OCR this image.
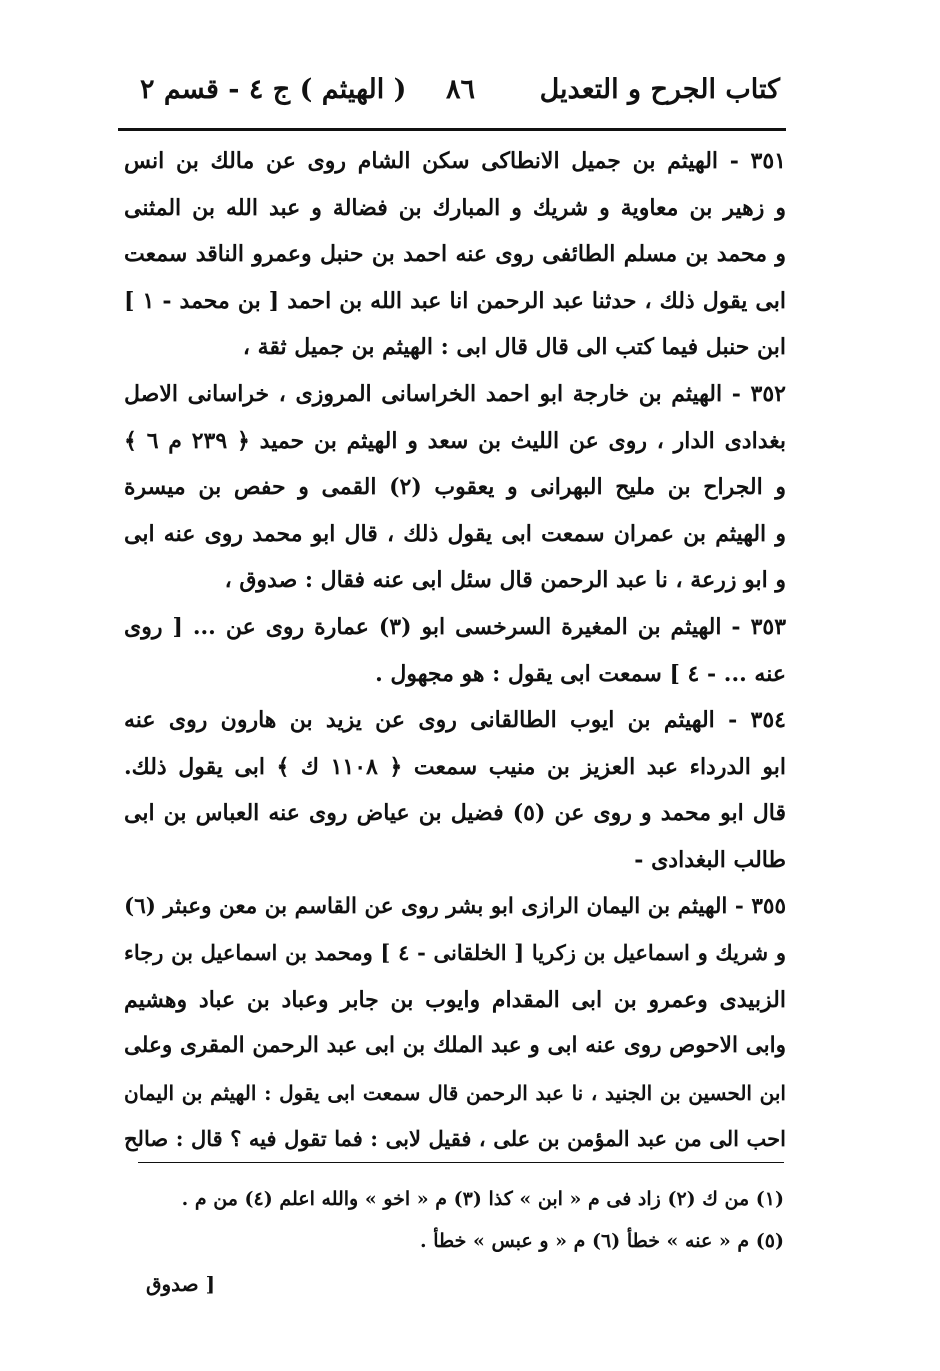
كتاب الجرح و التعديل
٨٦
( الهيثم ) ج ٤ - قسم ٢
٣٥١ - الهيثم بن جميل الانطاكى سكن الشام روى عن مالك بن انس
و زهير بن معاوية و شريك و المبارك بن فضالة و عبد الله بن المثنى
و محمد بن مسلم الطائفى روى عنه احمد بن حنبل وعمرو الناقد سمعت
ابى يقول ذلك ، حدثنا عبد الرحمن انا عبد الله بن احمد [ بن محمد - ١ ]
ابن حنبل فيما كتب الى قال قال ابى : الهيثم بن جميل ثقة ،
٣٥٢ - الهيثم بن خارجة ابو احمد الخراسانى المروزى ، خراسانى الاصل
بغدادى الدار ، روى عن الليث بن سعد و الهيثم بن حميد ﴿ ٢٣٩ م ٦ ﴾
و الجراح بن مليح البهرانى و يعقوب (٢) القمى و حفص بن ميسرة
و الهيثم بن عمران سمعت ابى يقول ذلك ، قال ابو محمد روى عنه ابى
و ابو زرعة ، نا عبد الرحمن قال سئل ابى عنه فقال : صدوق ،
٣٥٣ - الهيثم بن المغيرة السرخسى ابو (٣) عمارة روى عن ... [ روى
عنه ... - ٤ ] سمعت ابى يقول : هو مجهول .
٣٥٤ - الهيثم بن ايوب الطالقانى روى عن يزيد بن هارون روى عنه
ابو الدرداء عبد العزيز بن منيب سمعت ﴿ ١١٠٨ ك ﴾ ابى يقول ذلك.
قال ابو محمد و روى عن (٥) فضيل بن عياض روى عنه العباس بن ابى
طالب البغدادى -
٣٥٥ - الهيثم بن اليمان الرازى ابو بشر روى عن القاسم بن معن وعبثر (٦)
و شريك و اسماعيل بن زكريا [ الخلقانى - ٤ ] ومحمد بن اسماعيل بن رجاء
الزبيدى وعمرو بن ابى المقدام وايوب بن جابر وعباد بن عباد وهشيم
وابى الاحوص روى عنه ابى و عبد الملك بن ابى عبد الرحمن المقرى وعلى
ابن الحسين بن الجنيد ، نا عبد الرحمن قال سمعت ابى يقول : الهيثم بن اليمان
احب الى من عبد المؤمن بن على ، فقيل لابى : فما تقول فيه ؟ قال : صالح
(١) من ك (٢) زاد فى م « ابن » كذا (٣) م « اخو » والله اعلم (٤) من م .
(٥) م « عنه » خطأ (٦) م « و عبس » خطأ .
[ صدوق
